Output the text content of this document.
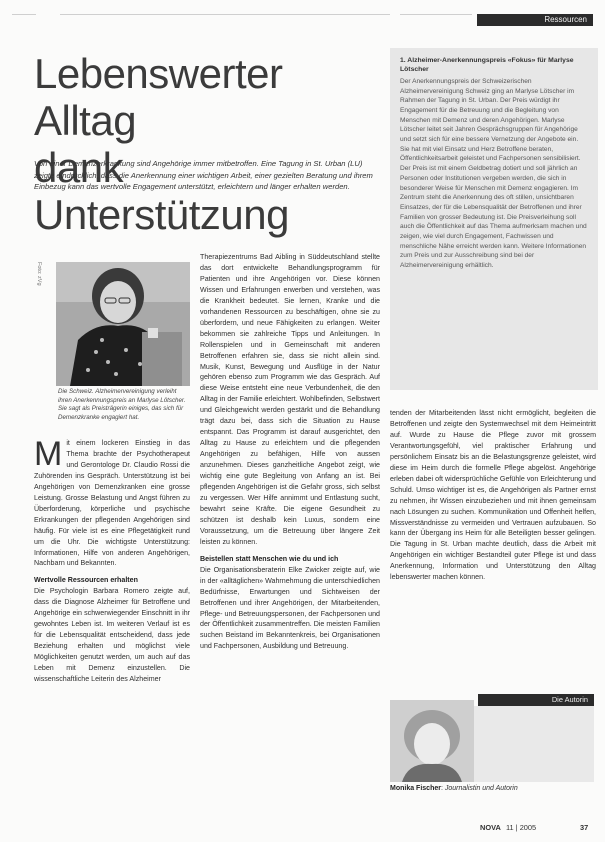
Ressourcen
Lebenswerter Alltag
dank Unterstützung
Von einer Demenzerkrankung sind Angehörige immer mitbetroffen. Eine Tagung in St. Urban (LU) zeigte eindrücklich, dass die Anerkennung einer wichtigen Arbeit, einer gezielten Beratung und ihrem Einbezug kann das wertvolle Engagement unterstützt, erleichtern und länger erhalten werden.
1. Alzheimer-Anerkennungspreis «Fokus» für Marlyse Lötscher

Der Anerkennungspreis der Schweizerischen Alzheimervereinigung Schweiz ging an Marlyse Lötscher im Rahmen der Tagung in St. Urban. Der Preis würdigt ihr Engagement für die Betreuung und die Begleitung von Menschen mit Demenz und deren Angehörigen. Marlyse Lötscher leitet seit Jahren Gesprächsgruppen für Angehörige und setzt sich für eine bessere Vernetzung der Angebote ein. Sie hat mit viel Einsatz und Herz Betroffene beraten, Öffentlichkeitsarbeit geleistet und Fachpersonen sensibilisiert. Der Preis ist mit einem Geldbetrag dotiert und soll jährlich an Personen oder Institutionen vergeben werden, die sich in besonderer Weise für Menschen mit Demenz engagieren. Im Zentrum steht die Anerkennung des oft stillen, unsichtbaren Einsatzes, der für die Lebensqualität der Betroffenen und ihrer Familien von grosser Bedeutung ist. Die Preisverleihung soll auch die Öffentlichkeit auf das Thema aufmerksam machen und zeigen, wie viel durch Engagement, Fachwissen und menschliche Nähe erreicht werden kann. Weitere Informationen zum Preis und zur Ausschreibung sind bei der Alzheimervereinigung erhältlich.

Foto: zVg
Die Schweiz. Alzheimervereinigung verleiht ihren Anerkennungspreis an Marlyse Lötscher. Sie sagt als Preisträgerin einiges, das sich für Demenzkranke engagiert hat.
M it einem lockeren Einstieg in das Thema brachte der Psychotherapeut und Gerontologe Dr. Claudio Rossi die Zuhörenden ins Gespräch. Unterstützung ist bei Angehörigen von Demenzkranken eine grosse Leistung. Grosse Belastung und Angst führen zu Überforderung, körperliche und psychische Erkrankungen der pflegenden Angehörigen sind häufig. Für viele ist es eine Pflegetätigkeit rund um die Uhr. Die wichtigste Unterstützung: Informationen, Hilfe von anderen Angehörigen, Nachbarn und Bekannten.

Wertvolle Ressourcen erhalten

Die Psychologin Barbara Romero zeigte auf, dass die Diagnose Alzheimer für Betroffene und Angehörige ein schwerwiegender Einschnitt in ihr gewohntes Leben ist. Im weiteren Verlauf ist es für die Lebensqualität entscheidend, dass jede Beziehung erhalten und möglichst viele Möglichkeiten genutzt werden, um auch auf das Leben mit Demenz einzustellen. Die wissenschaftliche Leiterin des Alzheimer

Therapiezentrums Bad Aibling in Süddeutschland stellte das dort entwickelte Behandlungsprogramm für Patienten und ihre Angehörigen vor. Diese können Wissen und Erfahrungen erwerben und verstehen, was die Krankheit bedeutet. Sie lernen, Kranke und die vorhandenen Ressourcen zu beschäftigen, ohne sie zu überfordern, und neue Fähigkeiten zu erlangen. Weiter bekommen sie zahlreiche Tipps und Anleitungen. In Rollenspielen und in Gemeinschaft mit anderen Betroffenen erfahren sie, dass sie nicht allein sind. Musik, Kunst, Bewegung und Ausflüge in der Natur gehören ebenso zum Programm wie das Gespräch. Auf diese Weise entsteht eine neue Verbundenheit, die den Alltag in der Familie erleichtert. Wohlbefinden, Selbstwert und Gleichgewicht werden gestärkt und die Behandlung trägt dazu bei, dass sich die Situation zu Hause entspannt. Das Programm ist darauf ausgerichtet, den Alltag zu Hause zu erleichtern und die pflegenden Angehörigen zu befähigen, Hilfe von aussen anzunehmen. Dieses ganzheitliche Angebot zeigt, wie wichtig eine gute Begleitung von Anfang an ist. Bei pflegenden Angehörigen ist die Gefahr gross, sich selbst zu vergessen. Wer Hilfe annimmt und Entlastung sucht, bewahrt seine Kräfte. Die eigene Gesundheit zu schützen ist deshalb kein Luxus, sondern eine Voraussetzung, um die Betreuung über längere Zeit leisten zu können.

Beistellen statt Menschen wie du und ich

Die Organisationsberaterin Elke Zwicker zeigte auf, wie in der «alltäglichen» Wahrnehmung die unterschiedlichen Bedürfnisse, Erwartungen und Sichtweisen der Betroffenen und ihrer Angehörigen, der Mitarbeitenden, Pflege- und Betreuungspersonen, der Fachpersonen und der Öffentlichkeit zusammentreffen. Die meisten Familien suchen Beistand im Bekanntenkreis, bei Organisationen und Fachpersonen, Ausbildung und Betreuung.

tenden der Mitarbeitenden lässt nicht ermöglicht, begleiten die Betroffenen und zeigte den Systemwechsel mit dem Heimeintritt auf. Wurde zu Hause die Pflege zuvor mit grossem Verantwortungsgefühl, viel praktischer Erfahrung und persönlichem Einsatz bis an die Belastungsgrenze geleistet, wird diese im Heim durch die formelle Pflege abgelöst. Angehörige erleben dabei oft widersprüchliche Gefühle von Erleichterung und Schuld. Umso wichtiger ist es, die Angehörigen als Partner ernst zu nehmen, ihr Wissen einzubeziehen und mit ihnen gemeinsam nach Lösungen zu suchen. Kommunikation und Offenheit helfen, Missverständnisse zu vermeiden und Vertrauen aufzubauen. So kann der Übergang ins Heim für alle Beteiligten besser gelingen. Die Tagung in St. Urban machte deutlich, dass die Arbeit mit Angehörigen ein wichtiger Bestandteil guter Pflege ist und dass Anerkennung, Information und Unterstützung den Alltag lebenswerter machen können.

Die Autorin
Monika Fischer: Journalistin und Autorin
NOVA 11 | 2005	37
